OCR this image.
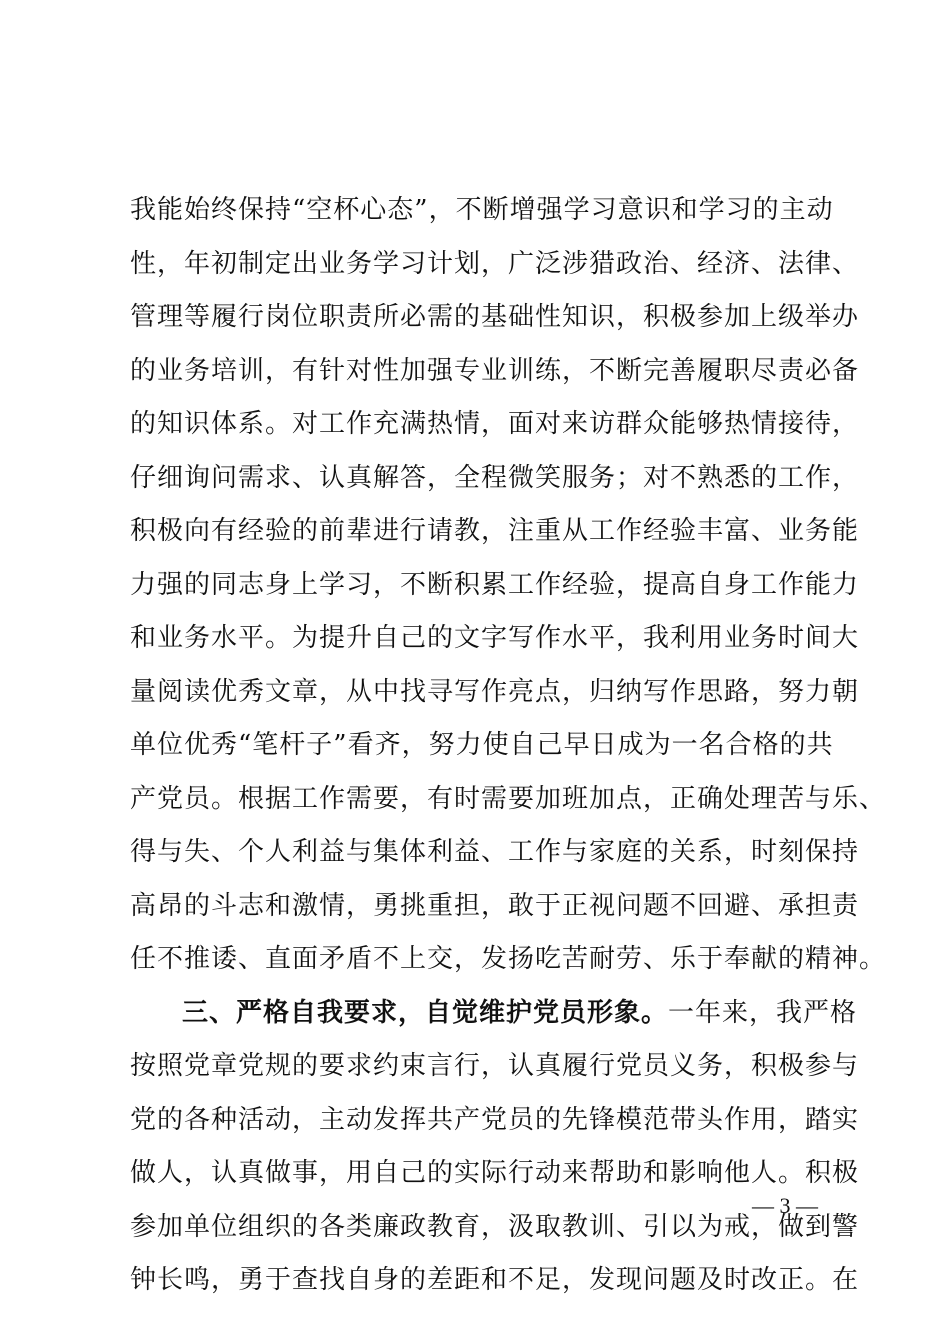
我能始终保持“空杯心态”，不断增强学习意识和学习的主动
性，年初制定出业务学习计划，广泛涉猎政治、经济、法律、
管理等履行岗位职责所必需的基础性知识，积极参加上级举办
的业务培训，有针对性加强专业训练，不断完善履职尽责必备
的知识体系。对工作充满热情，面对来访群众能够热情接待，
仔细询问需求、认真解答，全程微笑服务；对不熟悉的工作，
积极向有经验的前辈进行请教，注重从工作经验丰富、业务能
力强的同志身上学习，不断积累工作经验，提高自身工作能力
和业务水平。为提升自己的文字写作水平，我利用业务时间大
量阅读优秀文章，从中找寻写作亮点，归纳写作思路，努力朝
单位优秀“笔杆子”看齐，努力使自己早日成为一名合格的共
产党员。根据工作需要，有时需要加班加点，正确处理苦与乐、
得与失、个人利益与集体利益、工作与家庭的关系，时刻保持
高昂的斗志和激情，勇挑重担，敢于正视问题不回避、承担责
任不推诿、直面矛盾不上交，发扬吃苦耐劳、乐于奉献的精神。
三、严格自我要求，自觉维护党员形象。一年来，我严格
按照党章党规的要求约束言行，认真履行党员义务，积极参与
党的各种活动，主动发挥共产党员的先锋模范带头作用，踏实
做人，认真做事，用自己的实际行动来帮助和影响他人。积极
参加单位组织的各类廉政教育，汲取教训、引以为戒，做到警
钟长鸣，勇于查找自身的差距和不足，发现问题及时改正。在
— 3 —
